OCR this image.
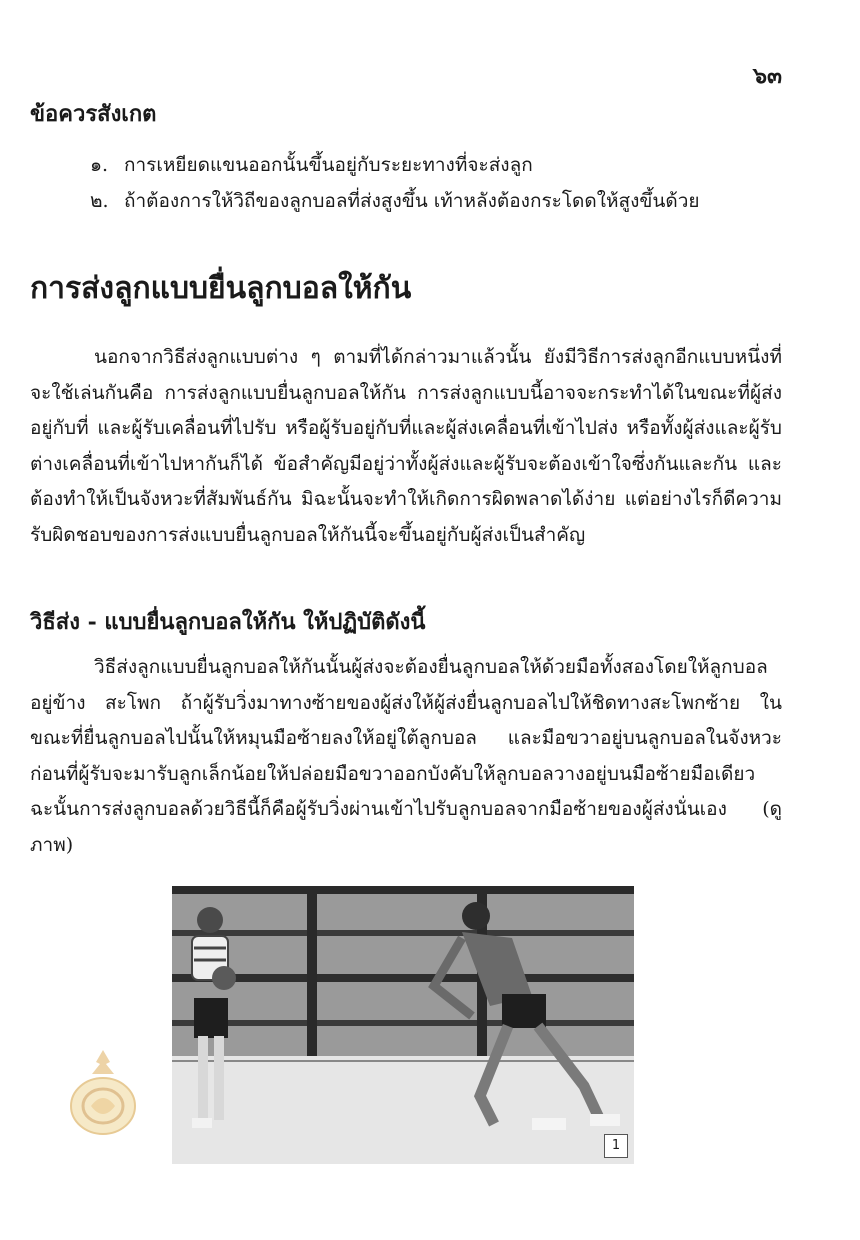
๖๓
ข้อควรสังเกต
๑. การเหยียดแขนออกนั้นขึ้นอยู่กับระยะทางที่จะส่งลูก
๒. ถ้าต้องการให้วิถีของลูกบอลที่ส่งสูงขึ้น เท้าหลังต้องกระโดดให้สูงขึ้นด้วย
การส่งลูกแบบยื่นลูกบอลให้กัน
นอกจากวิธีส่งลูกแบบต่าง ๆ ตามที่ได้กล่าวมาแล้วนั้น ยังมีวิธีการส่งลูกอีกแบบหนึ่งที่จะใช้เล่นกันคือ การส่งลูกแบบยื่นลูกบอลให้กัน การส่งลูกแบบนี้อาจจะกระทำได้ในขณะที่ผู้ส่งอยู่กับที่ และผู้รับเคลื่อนที่ไปรับ หรือผู้รับอยู่กับที่และผู้ส่งเคลื่อนที่เข้าไปส่ง หรือทั้งผู้ส่งและผู้รับต่างเคลื่อนที่เข้าไปหากันก็ได้ ข้อสำคัญมีอยู่ว่าทั้งผู้ส่งและผู้รับจะต้องเข้าใจซึ่งกันและกัน และต้องทำให้เป็นจังหวะที่สัมพันธ์กัน มิฉะนั้นจะทำให้เกิดการผิดพลาดได้ง่าย แต่อย่างไรก็ดีความรับผิดชอบของการส่งแบบยื่นลูกบอลให้กันนี้จะขึ้นอยู่กับผู้ส่งเป็นสำคัญ
วิธีส่ง - แบบยื่นลูกบอลให้กัน ให้ปฏิบัติดังนี้
วิธีส่งลูกแบบยื่นลูกบอลให้กันนั้นผู้ส่งจะต้องยื่นลูกบอลให้ด้วยมือทั้งสองโดยให้ลูกบอลอยู่ข้าง สะโพก ถ้าผู้รับวิ่งมาทางซ้ายของผู้ส่งให้ผู้ส่งยื่นลูกบอลไปให้ชิดทางสะโพกซ้าย ในขณะที่ยื่นลูกบอลไปนั้นให้หมุนมือซ้ายลงให้อยู่ใต้ลูกบอล และมือขวาอยู่บนลูกบอลในจังหวะก่อนที่ผู้รับจะมารับลูกเล็กน้อยให้ปล่อยมือขวาออกบังคับให้ลูกบอลวางอยู่บนมือซ้ายมือเดียว ฉะนั้นการส่งลูกบอลด้วยวิธีนี้ก็คือผู้รับวิ่งผ่านเข้าไปรับลูกบอลจากมือซ้ายของผู้ส่งนั่นเอง (ดูภาพ)
1
